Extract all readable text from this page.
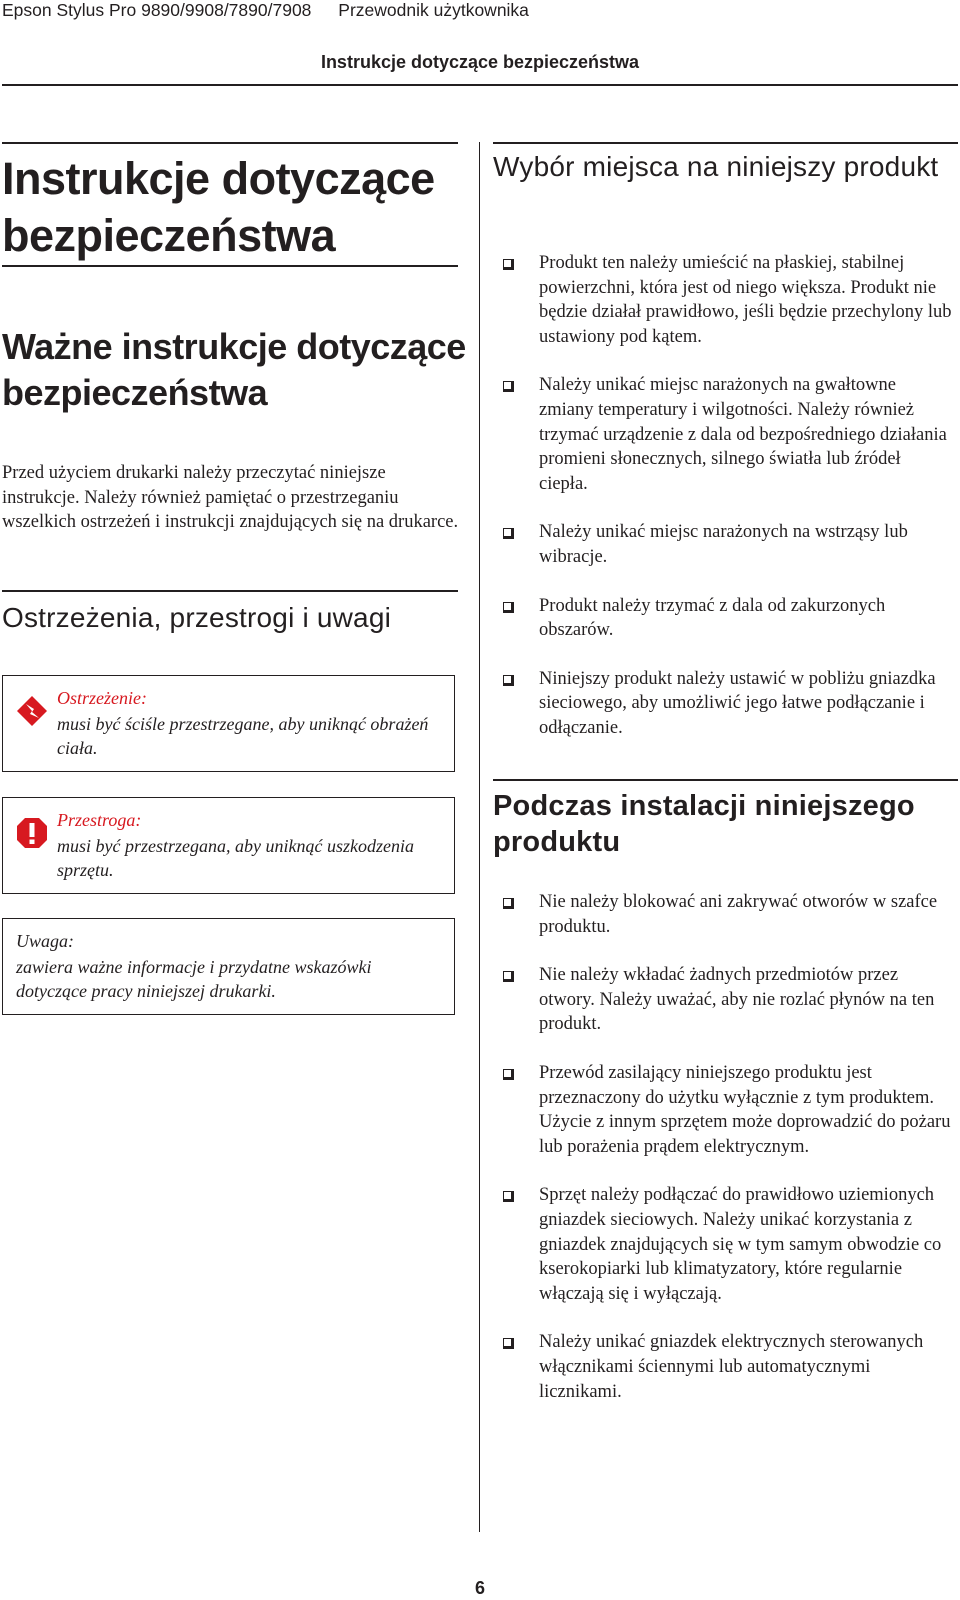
Epson Stylus Pro 9890/9908/7890/7908 Przewodnik użytkownika
Instrukcje dotyczące bezpieczeństwa
Instrukcje dotyczące bezpieczeństwa
Ważne instrukcje dotyczące bezpieczeństwa

Przed użyciem drukarki należy przeczytać niniejsze instrukcje. Należy również pamiętać o przestrzeganiu wszelkich ostrzeżeń i instrukcji znajdujących się na drukarce.

Ostrzeżenia, przestrogi i uwagi
Ostrzeżenie:
musi być ściśle przestrzegane, aby uniknąć obrażeń ciała.
Przestroga:
musi być przestrzegana, aby uniknąć uszkodzenia sprzętu.
Uwaga:
zawiera ważne informacje i przydatne wskazówki dotyczące pracy niniejszej drukarki.
Wybór miejsca na niniejszy produkt
Produkt ten należy umieścić na płaskiej, stabilnej powierzchni, która jest od niego większa. Produkt nie będzie działał prawidłowo, jeśli będzie przechylony lub ustawiony pod kątem.
Należy unikać miejsc narażonych na gwałtowne zmiany temperatury i wilgotności. Należy również trzymać urządzenie z dala od bezpośredniego działania promieni słonecznych, silnego światła lub źródeł ciepła.
Należy unikać miejsc narażonych na wstrząsy lub wibracje.
Produkt należy trzymać z dala od zakurzonych obszarów.
Niniejszy produkt należy ustawić w pobliżu gniazdka sieciowego, aby umożliwić jego łatwe podłączanie i odłączanie.
Podczas instalacji niniejszego produktu
Nie należy blokować ani zakrywać otworów w szafce produktu.
Nie należy wkładać żadnych przedmiotów przez otwory. Należy uważać, aby nie rozlać płynów na ten produkt.
Przewód zasilający niniejszego produktu jest przeznaczony do użytku wyłącznie z tym produktem. Użycie z innym sprzętem może doprowadzić do pożaru lub porażenia prądem elektrycznym.
Sprzęt należy podłączać do prawidłowo uziemionych gniazdek sieciowych. Należy unikać korzystania z gniazdek znajdujących się w tym samym obwodzie co kserokopiarki lub klimatyzatory, które regularnie włączają się i wyłączają.
Należy unikać gniazdek elektrycznych sterowanych włącznikami ściennymi lub automatycznymi licznikami.
6
